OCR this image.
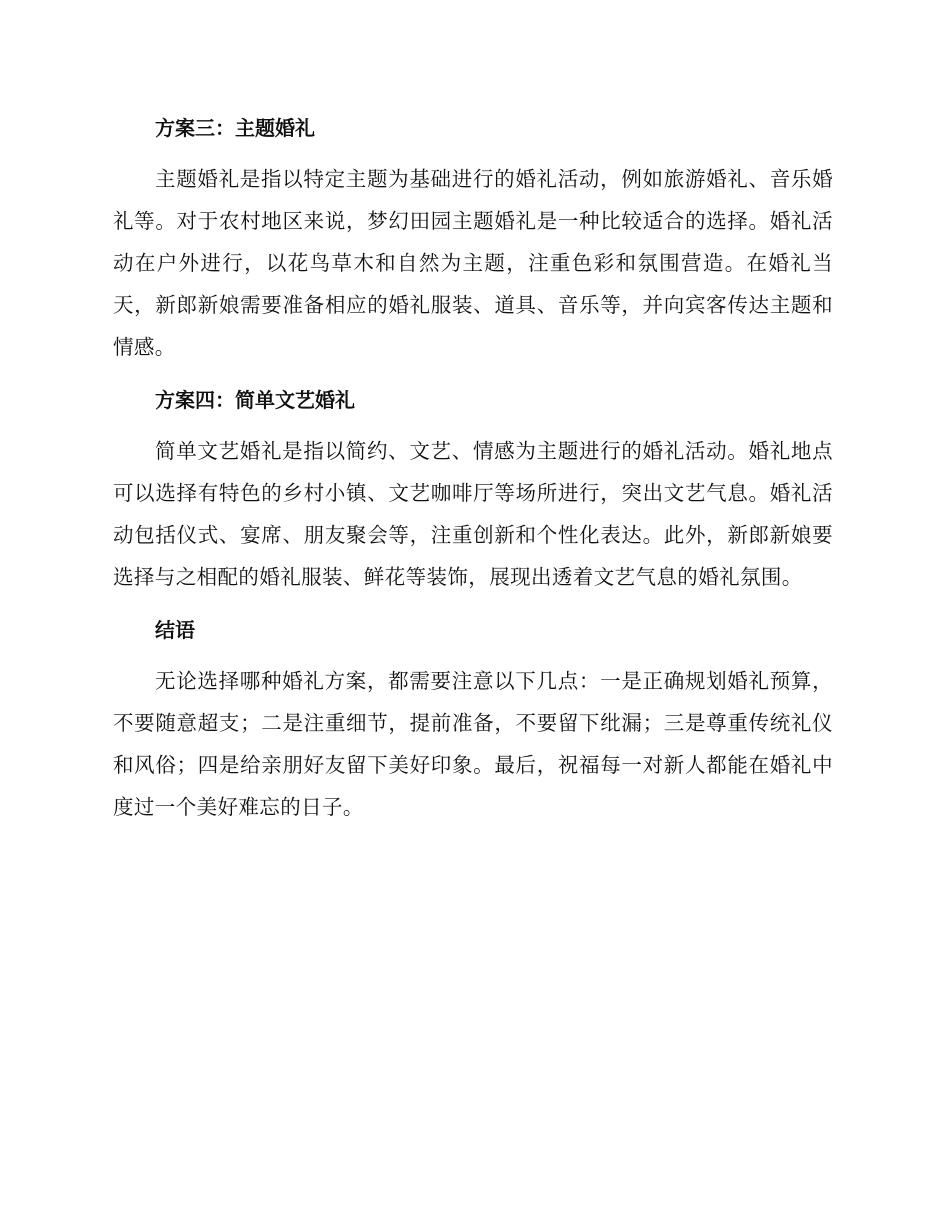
方案三：主题婚礼

主题婚礼是指以特定主题为基础进行的婚礼活动，例如旅游婚礼、音乐婚礼等。对于农村地区来说，梦幻田园主题婚礼是一种比较适合的选择。婚礼活动在户外进行，以花鸟草木和自然为主题，注重色彩和氛围营造。在婚礼当天，新郎新娘需要准备相应的婚礼服装、道具、音乐等，并向宾客传达主题和情感。

方案四：简单文艺婚礼

简单文艺婚礼是指以简约、文艺、情感为主题进行的婚礼活动。婚礼地点可以选择有特色的乡村小镇、文艺咖啡厅等场所进行，突出文艺气息。婚礼活动包括仪式、宴席、朋友聚会等，注重创新和个性化表达。此外，新郎新娘要选择与之相配的婚礼服装、鲜花等装饰，展现出透着文艺气息的婚礼氛围。

结语

无论选择哪种婚礼方案，都需要注意以下几点：一是正确规划婚礼预算，不要随意超支；二是注重细节，提前准备，不要留下纰漏；三是尊重传统礼仪和风俗；四是给亲朋好友留下美好印象。最后，祝福每一对新人都能在婚礼中度过一个美好难忘的日子。
